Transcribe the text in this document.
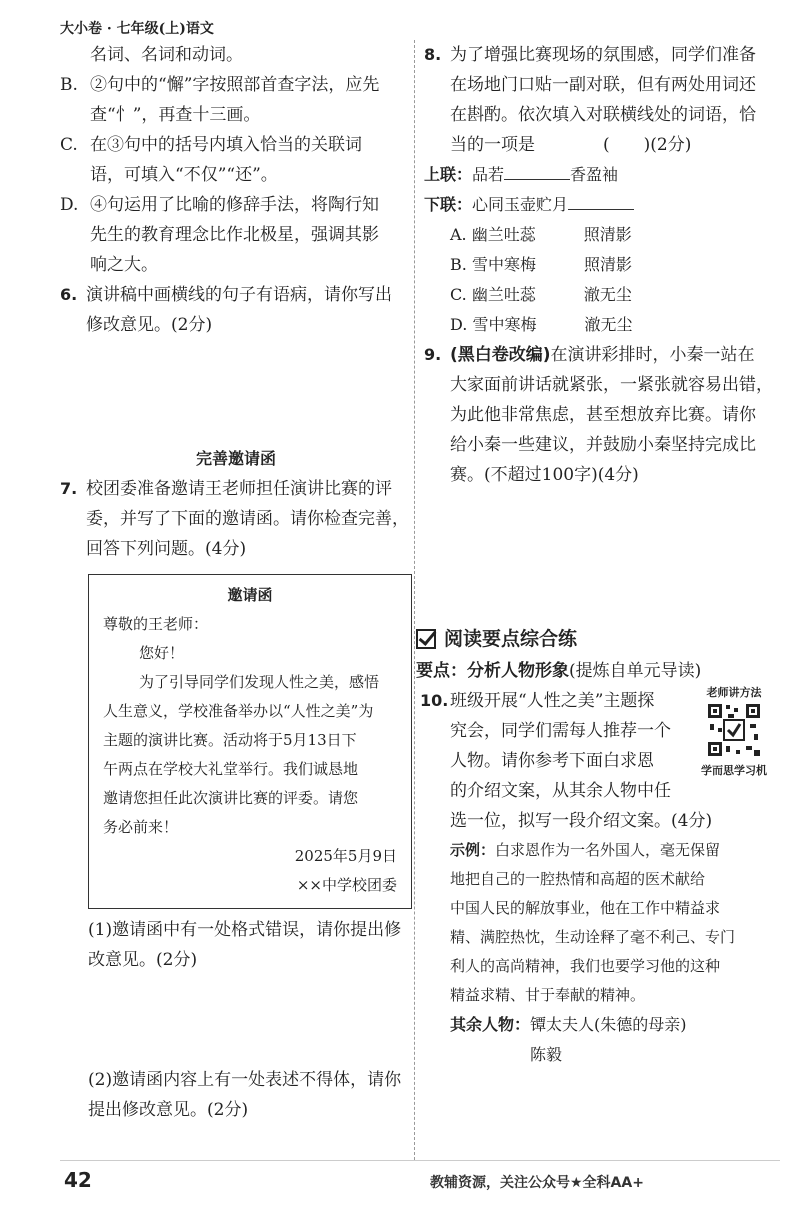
大小卷 · 七年级(上)语文

名词、名词和动词。

B. ②句中的“懈”字按照部首查字法，应先

查“忄”，再查十三画。

C. 在③句中的括号内填入恰当的关联词

语，可填入“不仅”“还”。

D. ④句运用了比喻的修辞手法，将陶行知

先生的教育理念比作北极星，强调其影

响之大。

6. 演讲稿中画横线的句子有语病，请你写出

修改意见。(2分)

完善邀请函
7. 校团委准备邀请王老师担任演讲比赛的评

委，并写了下面的邀请函。请你检查完善，

回答下列问题。(4分)

邀请函

尊敬的王老师：

您好！

为了引导同学们发现人性之美，感悟

人生意义，学校准备举办以“人性之美”为

主题的演讲比赛。活动将于5月13日下

午两点在学校大礼堂举行。我们诚恳地

邀请您担任此次演讲比赛的评委。请您

务必前来！

2025年5月9日

××中学校团委

(1)邀请函中有一处格式错误，请你提出修

改意见。(2分)

(2)邀请函内容上有一处表述不得体，请你

提出修改意见。(2分)

8. 为了增强比赛现场的氛围感，同学们准备

在场地门口贴一副对联，但有两处用词还

在斟酌。依次填入对联横线处的词语，恰

当的一项是　　　　(　　)(2分)

上联：品若	香盈袖
下联：心同玉壶贮月
A. 幽兰吐蕊	照清影
B. 雪中寒梅	照清影
C. 幽兰吐蕊	澈无尘
D. 雪中寒梅	澈无尘
9. (黑白卷改编)在演讲彩排时，小秦一站在

大家面前讲话就紧张，一紧张就容易出错，

为此他非常焦虑，甚至想放弃比赛。请你

给小秦一些建议，并鼓励小秦坚持完成比

赛。(不超过100字)(4分)

阅读要点综合练

要点：分析人物形象(提炼自单元导读)

10.	老师讲方法
学而思学习机

班级开展“人性之美”主题探

究会，同学们需每人推荐一个

人物。请你参考下面白求恩

的介绍文案，从其余人物中任

选一位，拟写一段介绍文案。(4分)

示例：白求恩作为一名外国人，毫无保留

地把自己的一腔热情和高超的医术献给

中国人民的解放事业，他在工作中精益求

精、满腔热忱，生动诠释了毫不利己、专门

利人的高尚精神，我们也要学习他的这种

精益求精、甘于奉献的精神。

其余人物：镡太夫人(朱德的母亲)

陈毅

42	教辅资源，关注公众号★全科AA+
